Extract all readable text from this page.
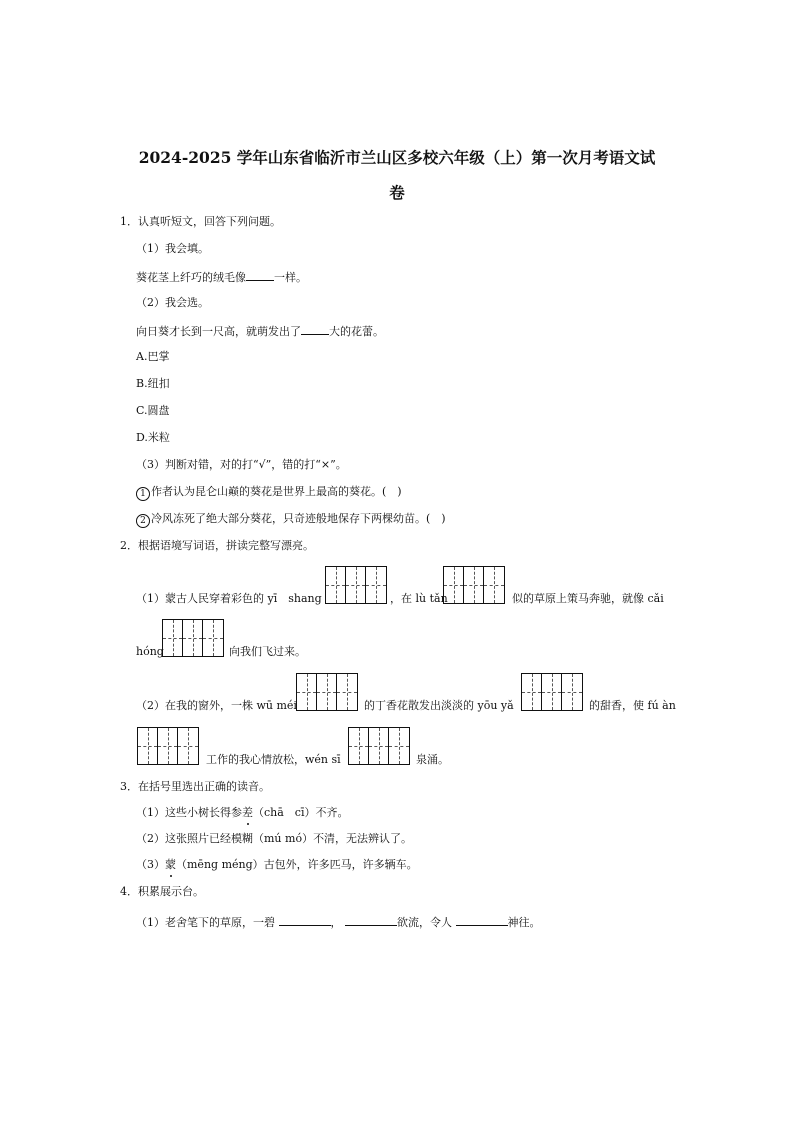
2024-2025 学年山东省临沂市兰山区多校六年级（上）第一次月考语文试
卷
1．认真听短文，回答下列问题。
（1）我会填。
葵花茎上纤巧的绒毛像	一样。
（2）我会选。
向日葵才长到一尺高，就萌发出了	大的花蕾。
A.巴掌
B.纽扣
C.圆盘
D.米粒
（3）判断对错，对的打“√”，错的打“×”。
1 作者认为昆仑山巅的葵花是世界上最高的葵花。(　)
2 冷风冻死了绝大部分葵花，只奇迹般地保存下两棵幼苗。(　)
2．根据语境写词语，拼读完整写漂亮。
（1）蒙古人民穿着彩色的 yī　shang	，在 lù tǎn	似的草原上策马奔驰，就像 cǎi
hóng	向我们飞过来。
（2）在我的窗外，一株 wū méi	的丁香花散发出淡淡的 yōu yǎ	的甜香，使 fú àn
工作的我心情放松，wén sī	泉涌。
3．在括号里选出正确的读音。
（1）这些小树长得参差（chā　cī）不齐。
（2）这张照片已经模糊（mú mó）不清，无法辨认了。
（3）蒙（mēng méng）古包外，许多匹马，许多辆车。
4．积累展示台。
（1）老舍笔下的草原，一碧	，	欲流，令人	神往。
